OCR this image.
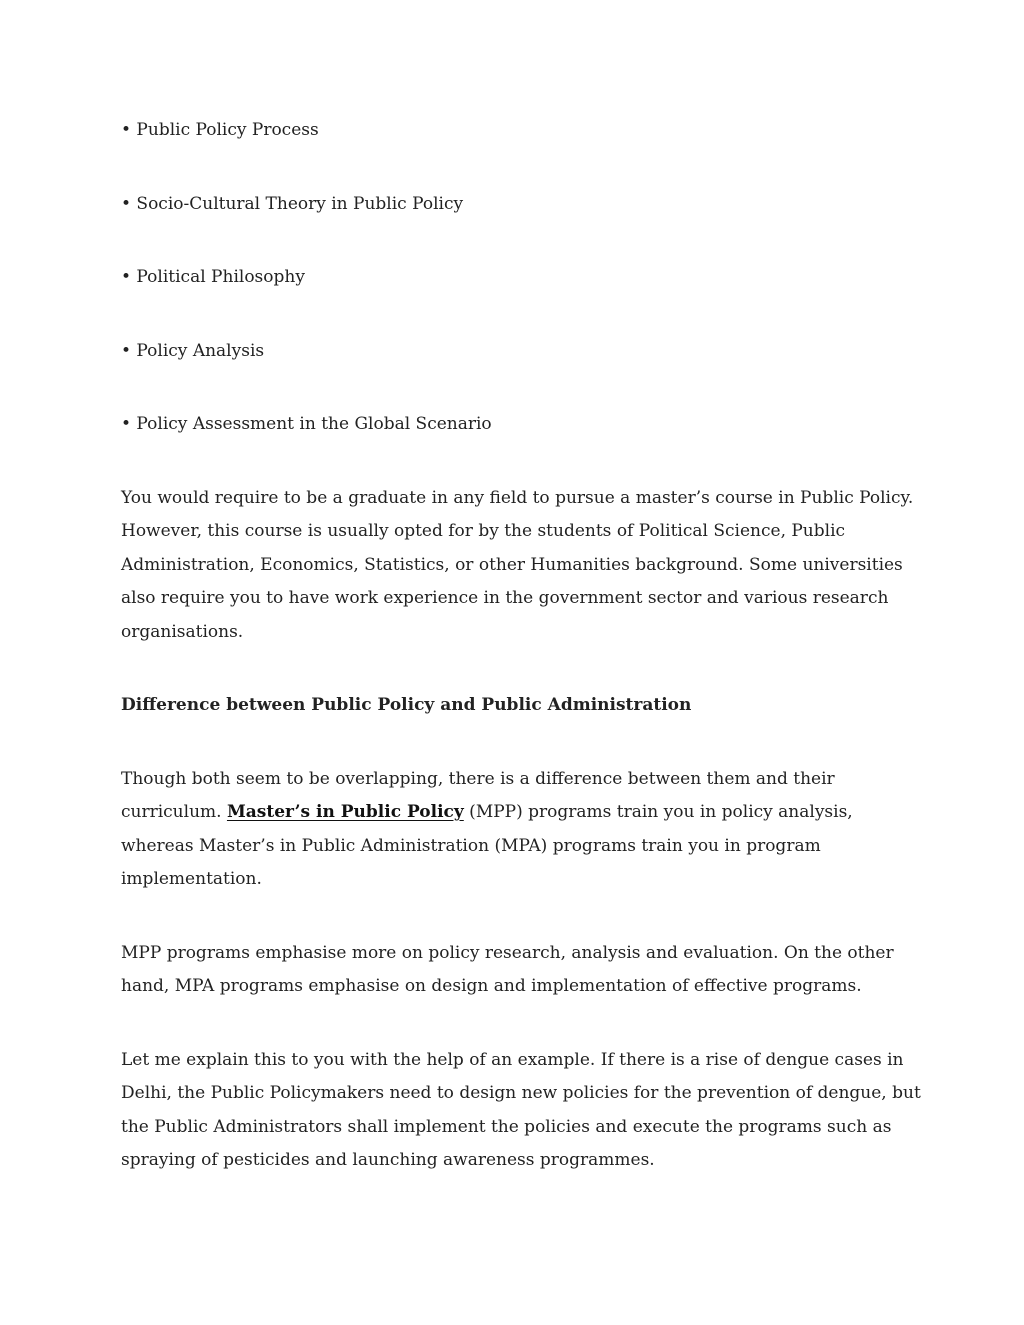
• Public Policy Process
• Socio-Cultural Theory in Public Policy
• Political Philosophy
• Policy Analysis
• Policy Assessment in the Global Scenario

You would require to be a graduate in any field to pursue a master’s course in Public Policy. However, this course is usually opted for by the students of Political Science, Public Administration, Economics, Statistics, or other Humanities background. Some universities also require you to have work experience in the government sector and various research organisations.

Difference between Public Policy and Public Administration

Though both seem to be overlapping, there is a difference between them and their curriculum. Master’s in Public Policy (MPP) programs train you in policy analysis, whereas Master’s in Public Administration (MPA) programs train you in program implementation.

MPP programs emphasise more on policy research, analysis and evaluation. On the other hand, MPA programs emphasise on design and implementation of effective programs.

Let me explain this to you with the help of an example. If there is a rise of dengue cases in Delhi, the Public Policymakers need to design new policies for the prevention of dengue, but the Public Administrators shall implement the policies and execute the programs such as spraying of pesticides and launching awareness programmes.
